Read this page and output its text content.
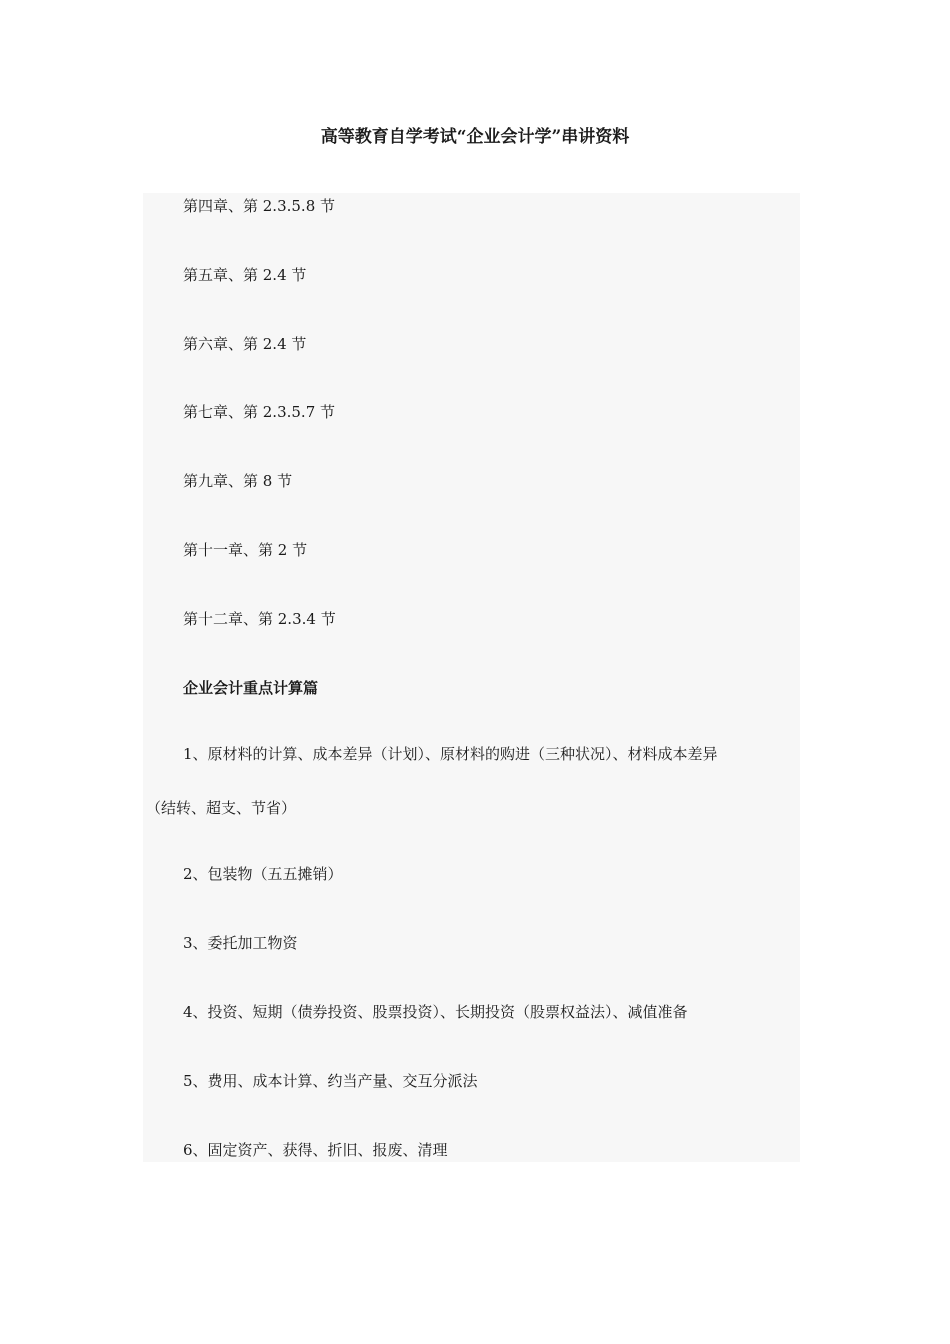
高等教育自学考试“企业会计学”串讲资料

第四章、第 2.3.5.8 节

第五章、第 2.4 节

第六章、第 2.4 节

第七章、第 2.3.5.7 节

第九章、第 8 节

第十一章、第 2 节

第十二章、第 2.3.4 节

企业会计重点计算篇

1、原材料的计算、成本差异（计划）、原材料的购进（三种状况）、材料成本差异

（结转、超支、节省）

2、包装物（五五摊销）

3、委托加工物资

4、投资、短期（债券投资、股票投资）、长期投资（股票权益法）、减值准备

5、费用、成本计算、约当产量、交互分派法

6、固定资产、获得、折旧、报废、清理
